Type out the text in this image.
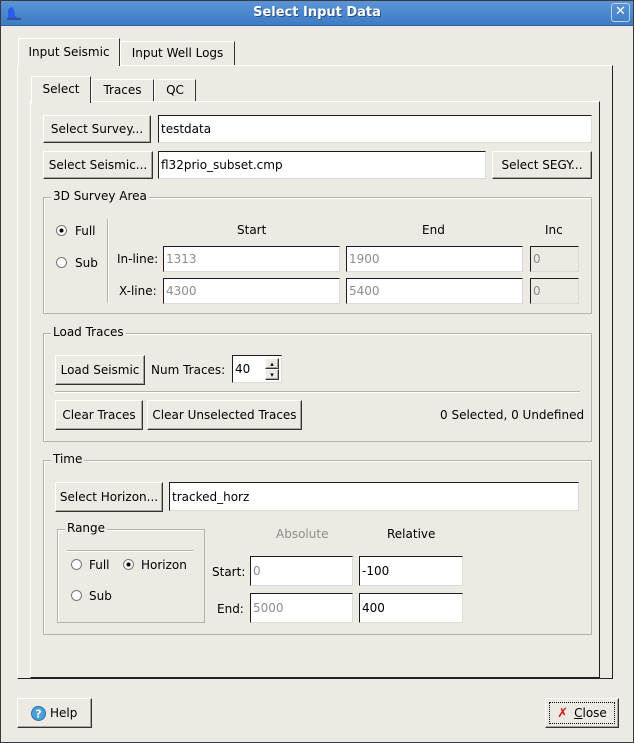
Select Input Data	✕
Input Seismic	Input Well Logs
Select	Traces	QC
Select Survey...	testdata
Select Seismic...	fl32prio_subset.cmp	Select SEGY...
3D Survey Area
Full
Sub
Start	End	Inc
In-line: 1313	1900	0
X-line: 4300	5400	0
Load Traces
Load Seismic Num Traces: 40	▴
▾
Clear Traces	Clear Unselected Traces	0 Selected, 0 Undefined
Time
Select Horizon...	tracked_horz
Range
Full	Horizon
Sub
Absolute	Relative
Start: 0	-100
End: 5000	400
? Help	✗ C lose
